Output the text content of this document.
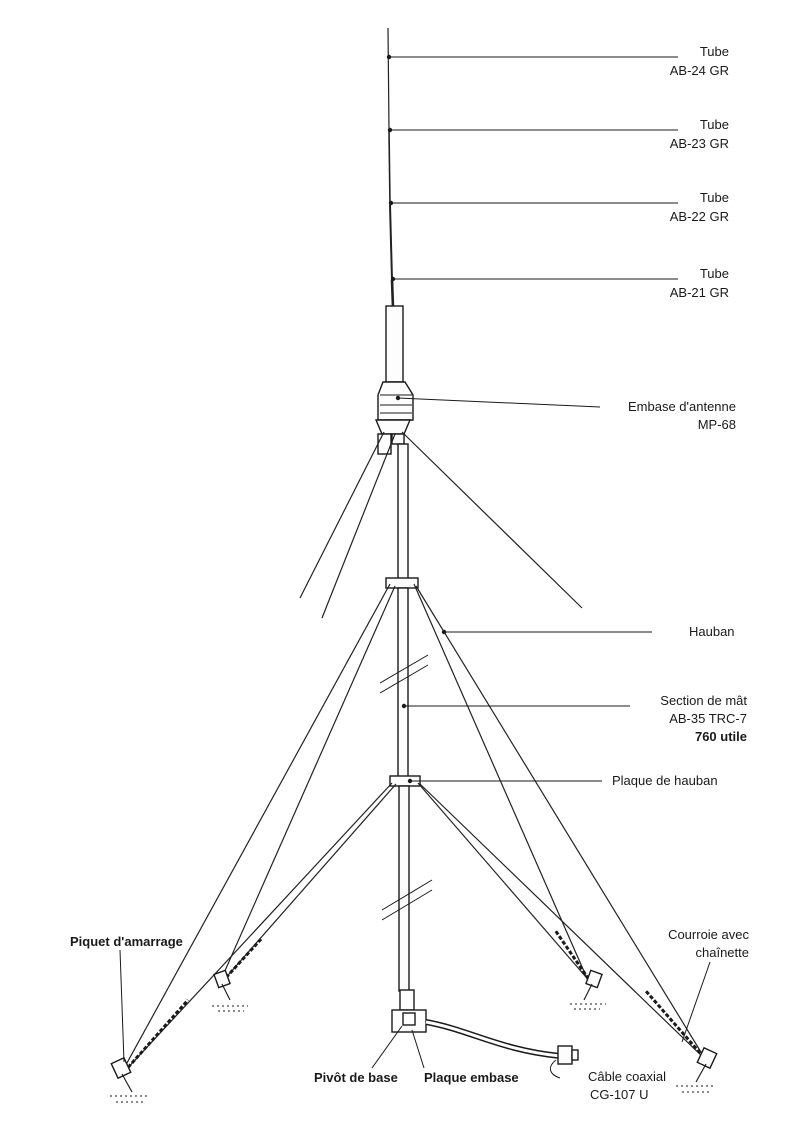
Tube
AB-24 GR
Tube
AB-23 GR
Tube
AB-22 GR
Tube
AB-21 GR
Embase d'antenne
MP-68
Hauban
Section de mât
AB-35 TRC-7
760 utile
Plaque de hauban
Piquet d'amarrage	Courroie avec
chaînette
Pivôt de base Plaque embase	Câble coaxial
CG-107 U
